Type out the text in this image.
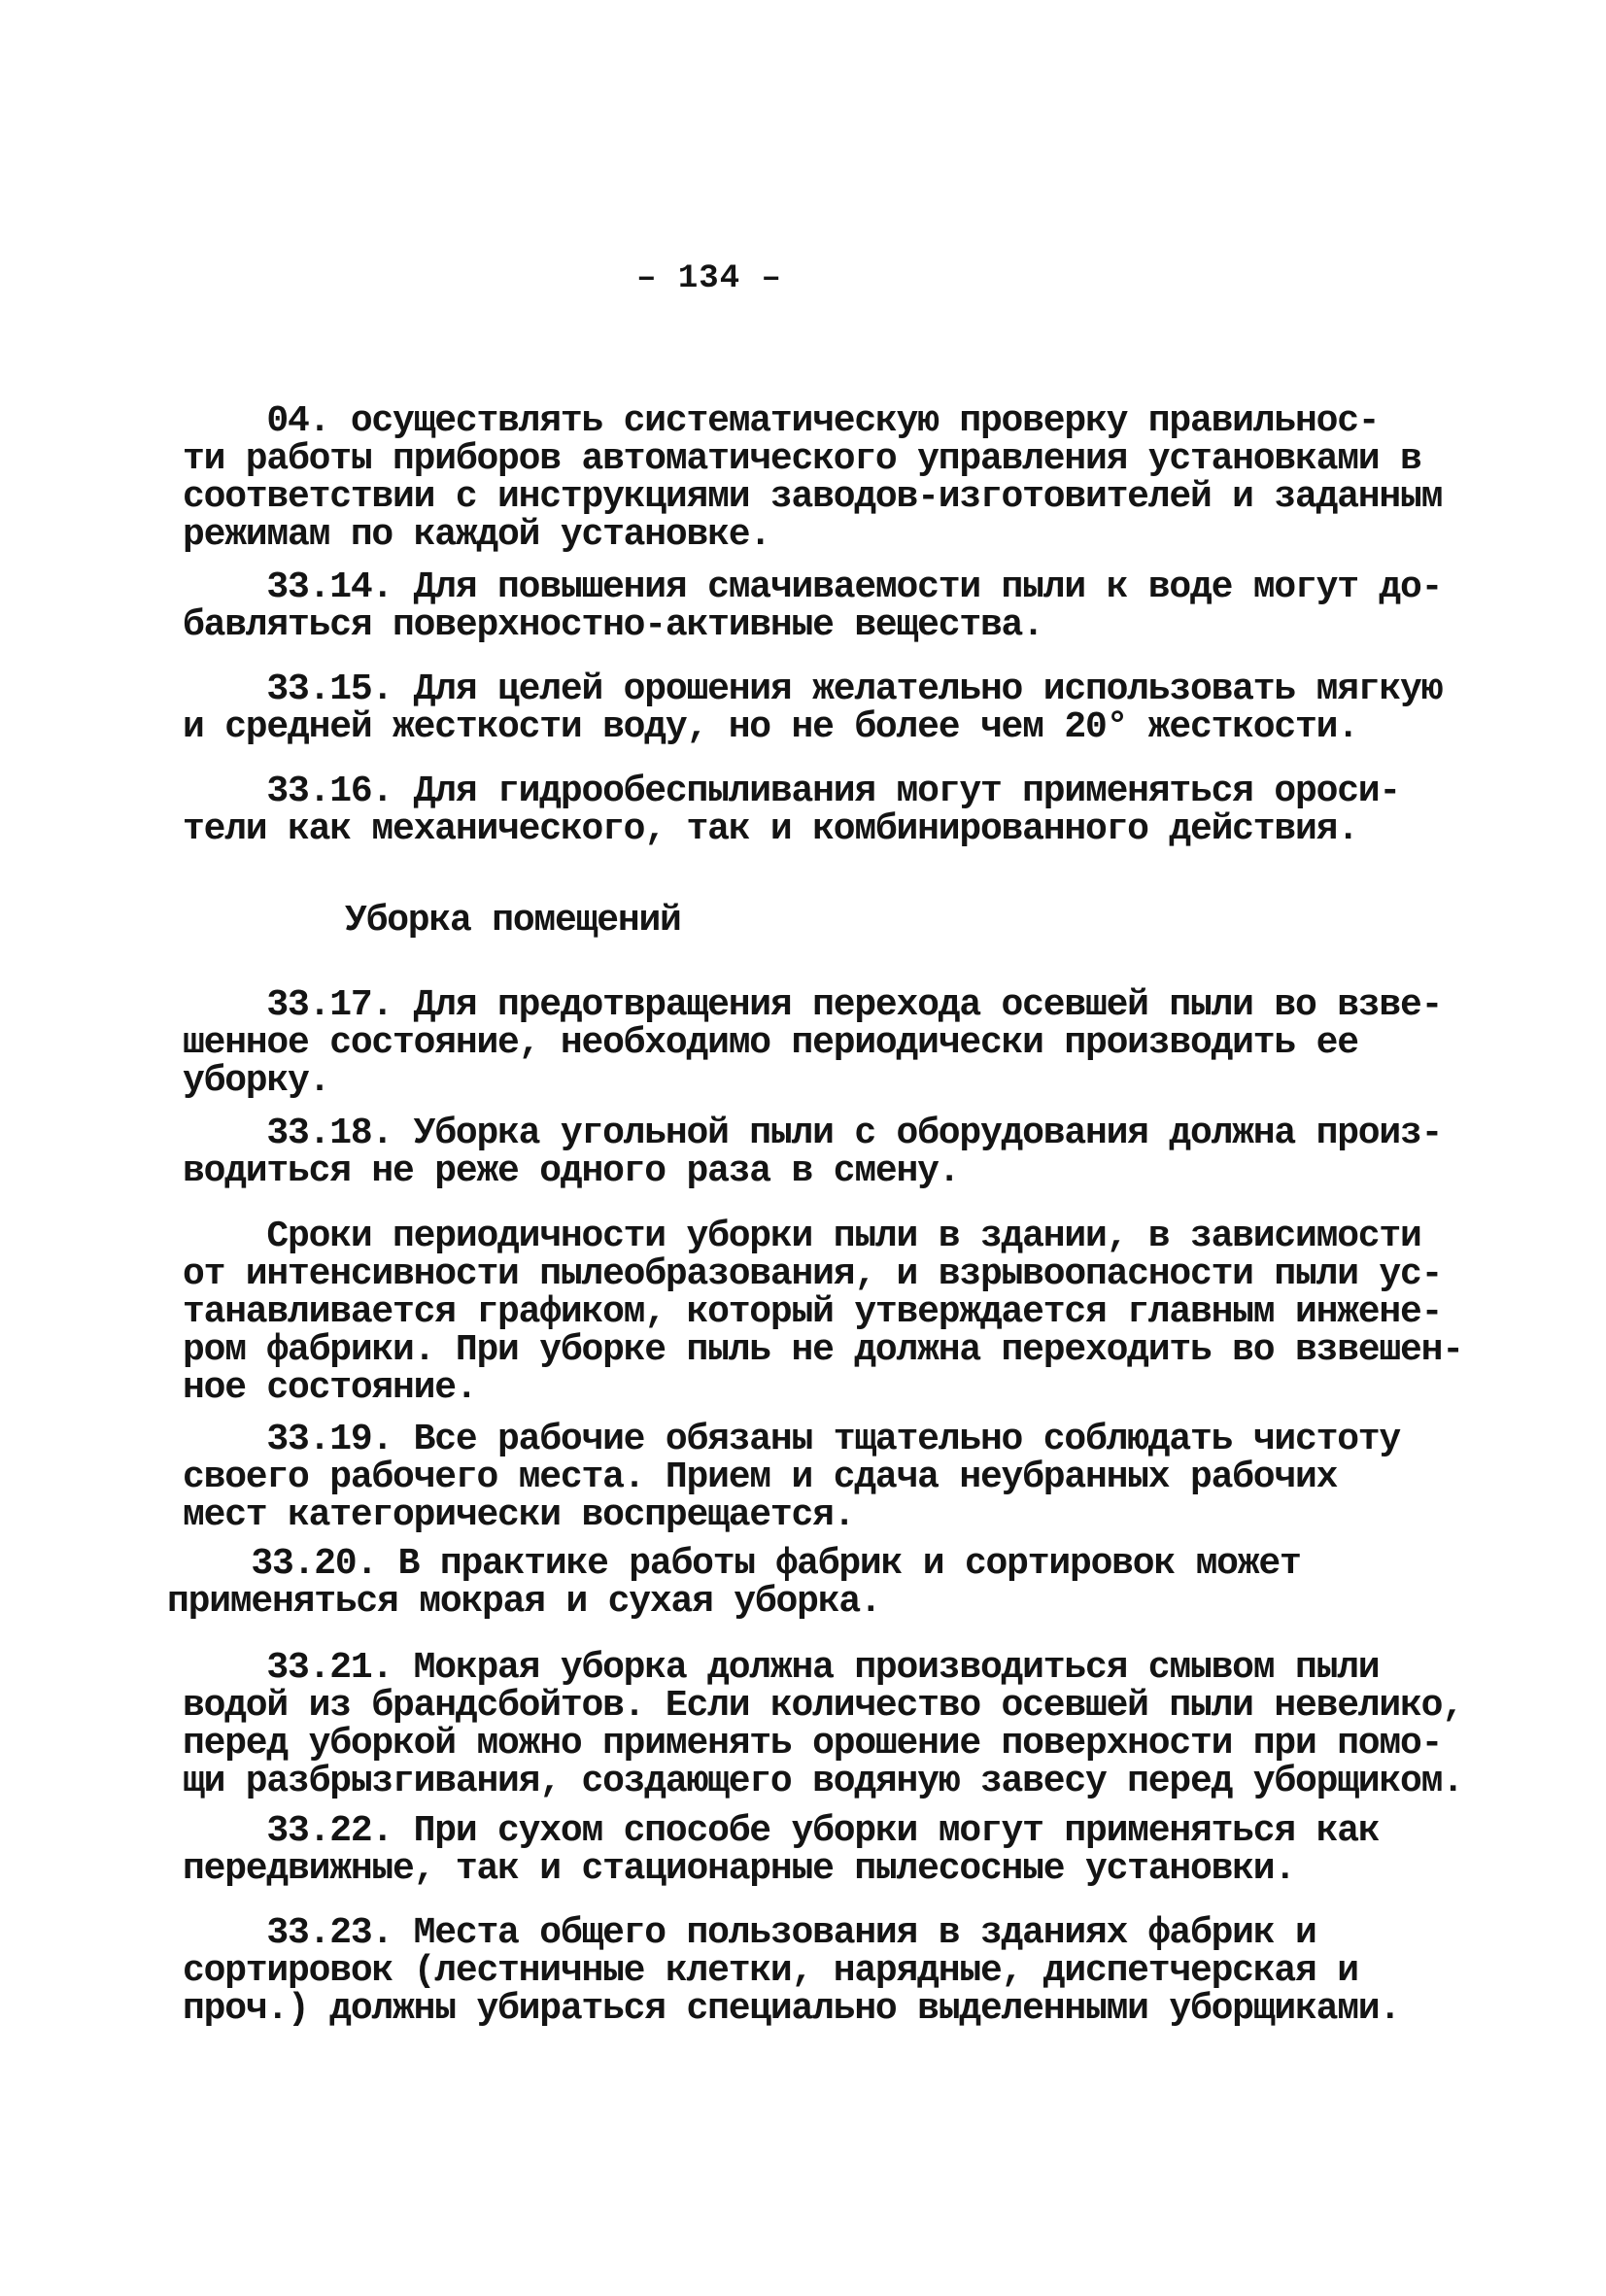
– 134 –
04. осуществлять систематическую проверку правильнос-
ти работы приборов автоматического управления установками в
соответствии с инструкциями заводов-изготовителей и заданным
режимам по каждой установке.
33.14. Для повышения смачиваемости пыли к воде могут до-
бавляться поверхностно-активные вещества.
33.15. Для целей орошения желательно использовать мягкую
и средней жесткости воду, но не более чем 20° жесткости.
33.16. Для гидрообеспыливания могут применяться ороси-
тели как механического, так и комбинированного действия.
Уборка помещений
33.17. Для предотвращения перехода осевшей пыли во взве-
шенное состояние, необходимо периодически производить ее
уборку.
33.18. Уборка угольной пыли с оборудования должна произ-
водиться не реже одного раза в смену.
Сроки периодичности уборки пыли в здании, в зависимости
от интенсивности пылеобразования, и взрывоопасности пыли ус-
танавливается графиком, который утверждается главным инжене-
ром фабрики. При уборке пыль не должна переходить во взвешен-
ное состояние.
33.19. Все рабочие обязаны тщательно соблюдать чистоту
своего рабочего места. Прием и сдача неубранных рабочих
мест категорически воспрещается.
33.20. В практике работы фабрик и сортировок может
применяться мокрая и сухая уборка.
33.21. Мокрая уборка должна производиться смывом пыли
водой из брандсбойтов. Если количество осевшей пыли невелико,
перед уборкой можно применять орошение поверхности при помо-
щи разбрызгивания, создающего водяную завесу перед уборщиком.
33.22. При сухом способе уборки могут применяться как
передвижные, так и стационарные пылесосные установки.
33.23. Места общего пользования в зданиях фабрик и
сортировок (лестничные клетки, нарядные, диспетчерская и
проч.) должны убираться специально выделенными уборщиками.
